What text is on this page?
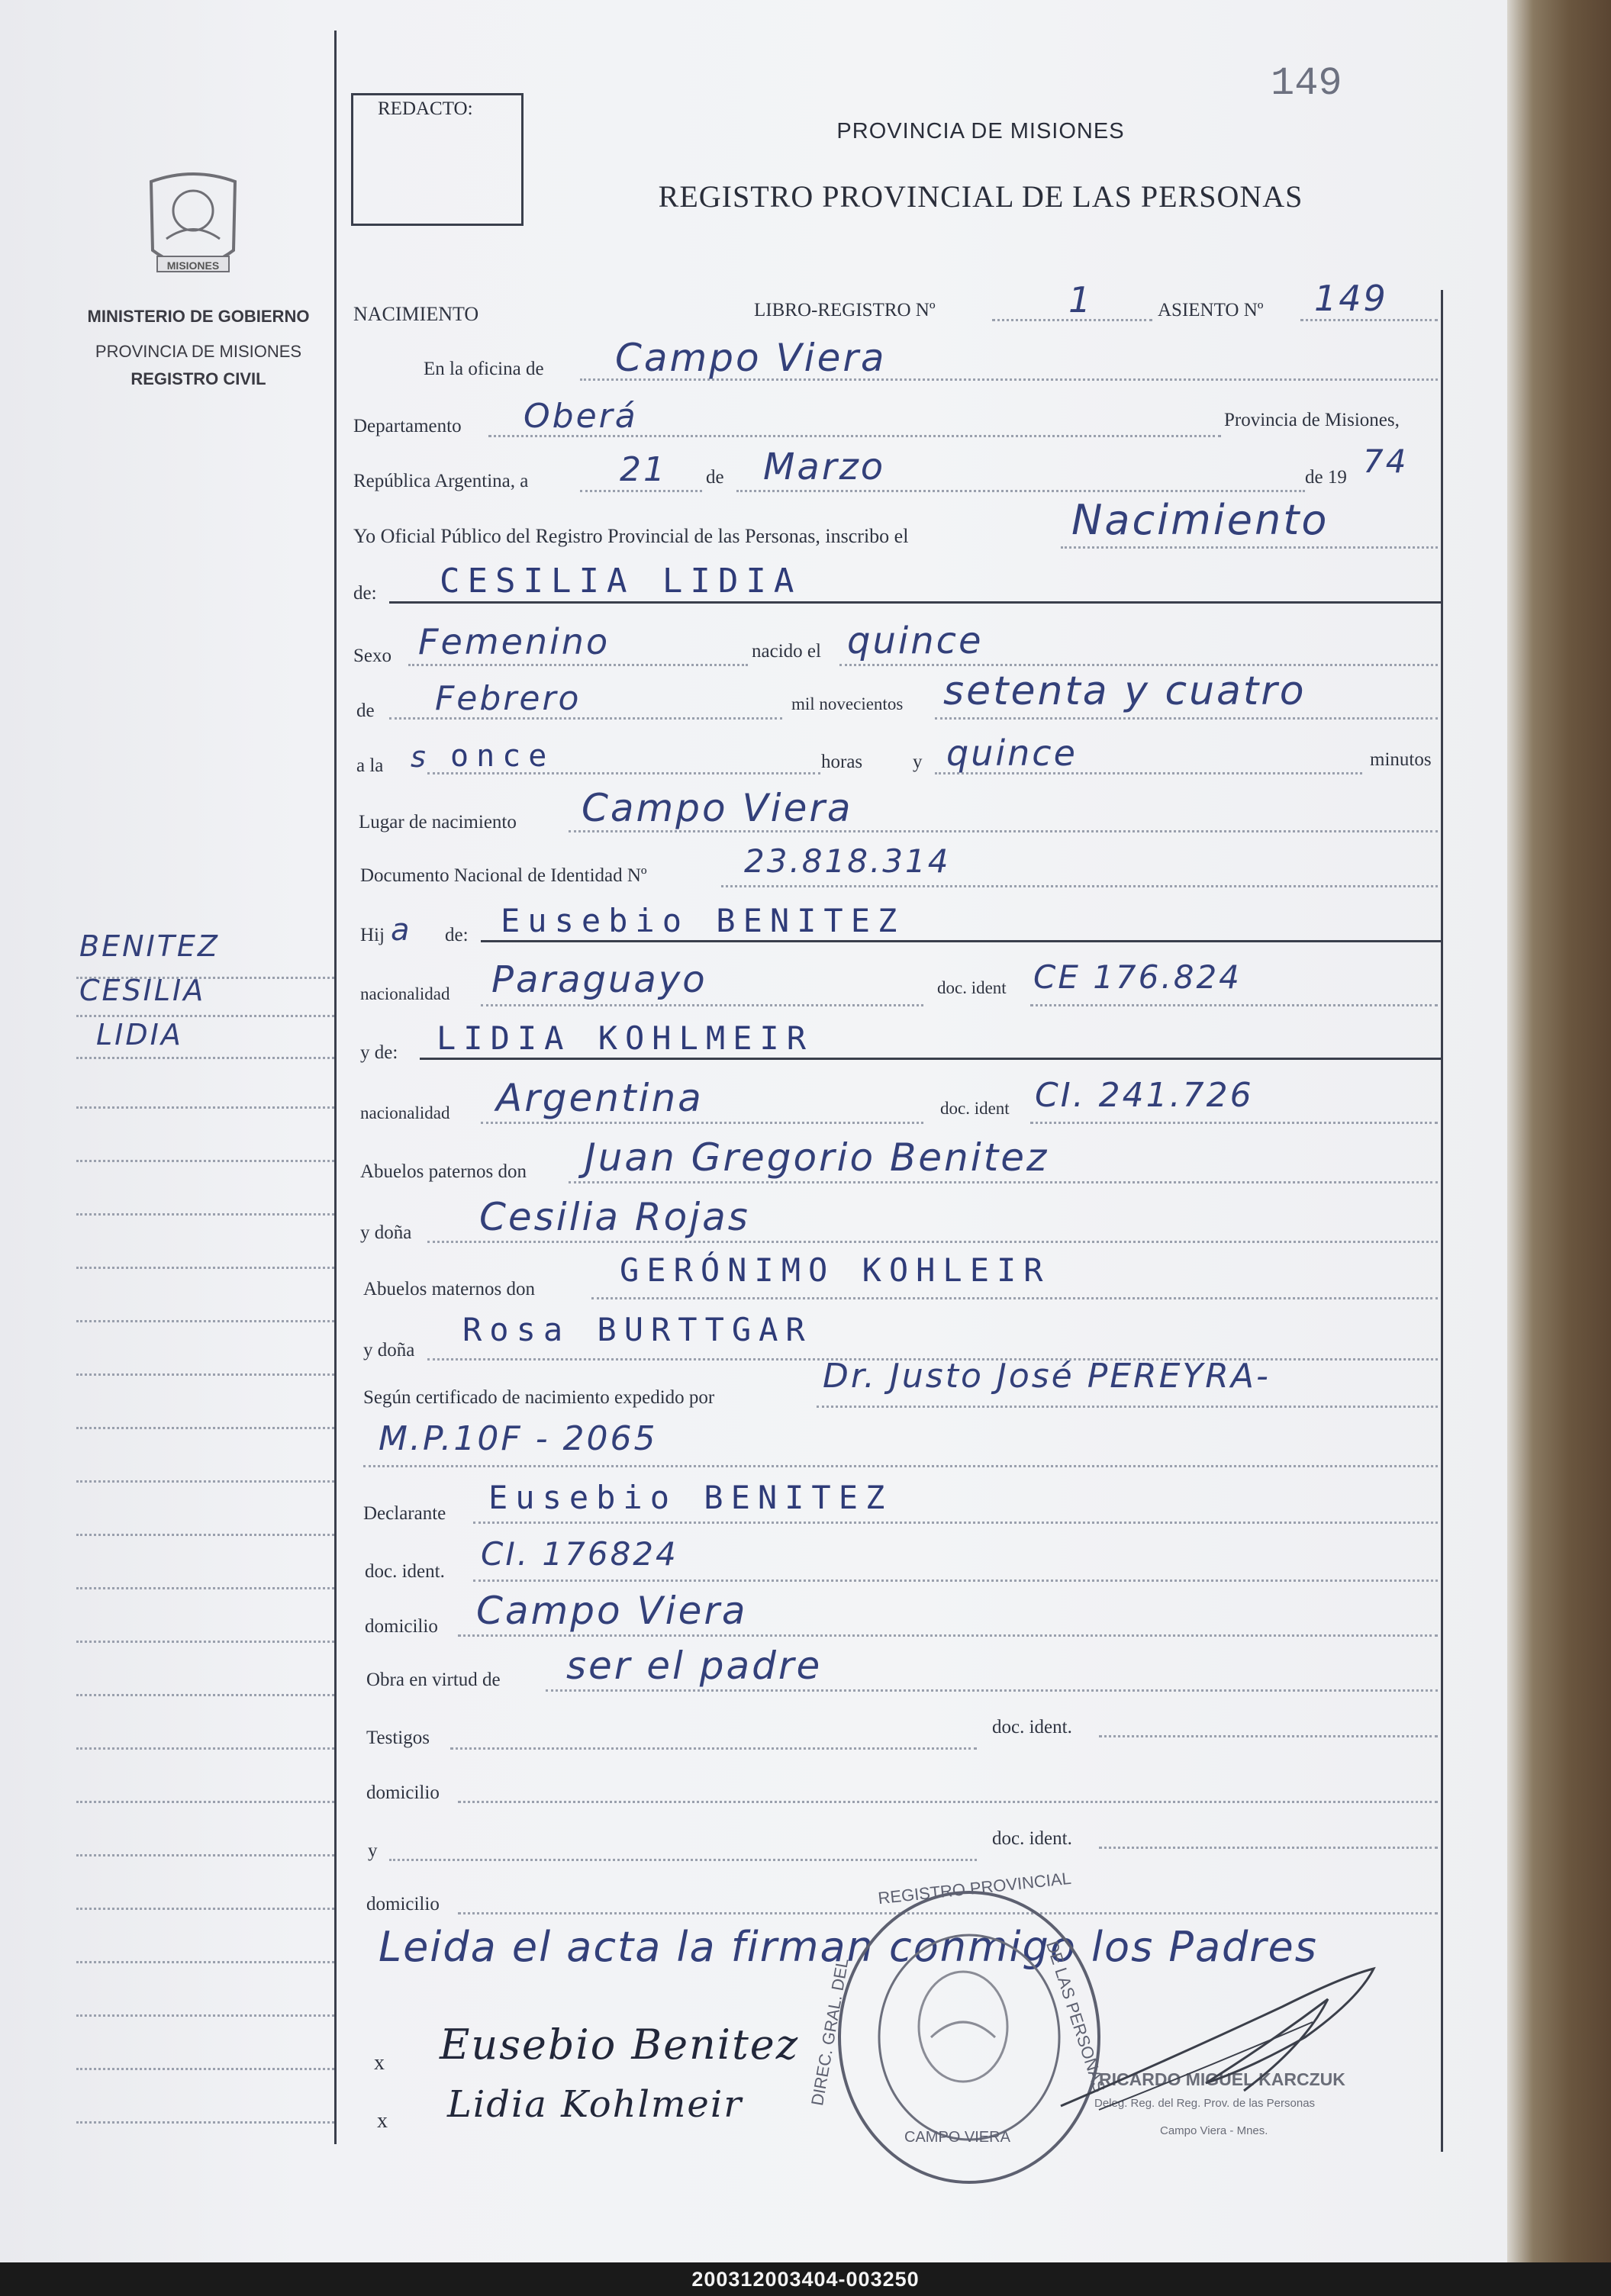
149
REDACTO:
PROVINCIA DE MISIONES
REGISTRO PROVINCIAL DE LAS PERSONAS
MISIONES
MINISTERIO DE GOBIERNO
PROVINCIA DE MISIONES
REGISTRO CIVIL
BENITEZ
CESILIA
LIDIA
NACIMIENTO	LIBRO-REGISTRO Nº	1	ASIENTO Nº 149
En la oficina de Campo Viera
Departamento Oberá	Provincia de Misiones,
República Argentina, a	21 de Marzo	de 19 74
Yo Oficial Público del Registro Provincial de las Personas, inscribo el	Nacimiento
de: CESILIA LIDIA
Sexo Femenino	nacido el quince
de Febrero	mil novecientos setenta y cuatro
a la s once	horas	y quince	minutos
Lugar de nacimiento Campo Viera
Documento Nacional de Identidad Nº	23.818.314
Hij a de: Eusebio BENITEZ
nacionalidad Paraguayo	doc. ident CE 176.824
y de: LIDIA KOHLMEIR
nacionalidad Argentina	doc. ident CI. 241.726
Abuelos paternos don Juan Gregorio Benitez
y doña Cesilia Rojas
Abuelos maternos don
GERÓNIMO KOHLEIR
y doña
Rosa BURTTGAR
Según certificado de nacimiento expedido por
Dr. Justo José PEREYRA-
M.P.10F - 2065
Declarante Eusebio BENITEZ
doc. ident. CI. 176824
domicilio Campo Viera
Obra en virtud de ser el padre
Testigos
doc. ident.
domicilio
y
doc. ident.
domicilio
Leida el acta la firman conmigo los Padres
REGISTRO PROVINCIAL
DIREC. GRAL. DEL	DE LAS PERSONAS
CAMPO VIERA
RICARDO MIGUEL KARCZUK
Deleg. Reg. del Reg. Prov. de las Personas
Campo Viera - Mnes.
x Eusebio Benitez
x Lidia Kohlmeir
200312003404-003250
